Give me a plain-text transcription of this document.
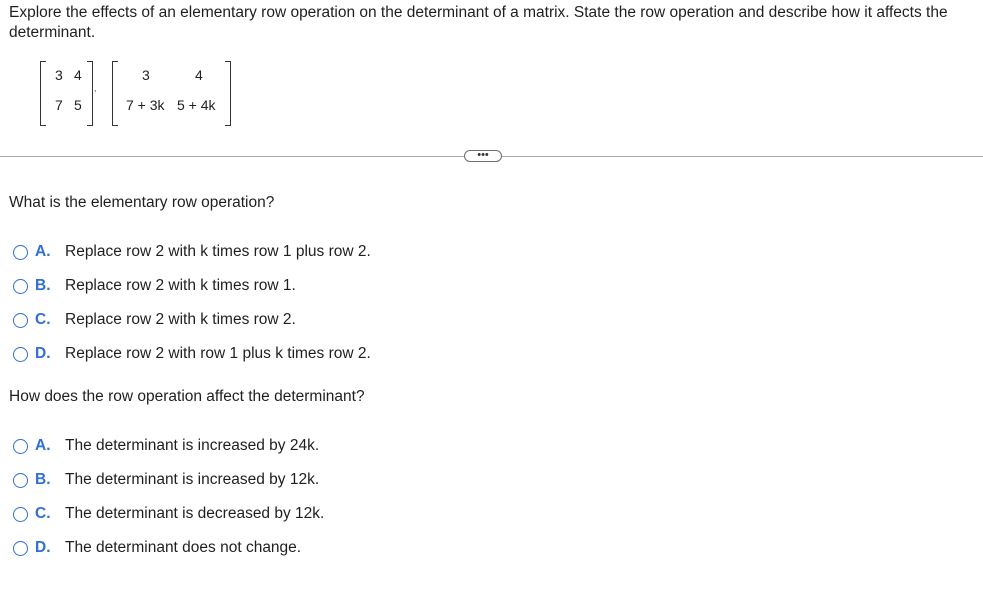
Explore the effects of an elementary row operation on the determinant of a matrix. State the row operation and describe how it affects the determinant.
3 4
7 5
,
3	4
7 + 3k 5 + 4k
•••
What is the elementary row operation?
A. Replace row 2 with k times row 1 plus row 2.
B. Replace row 2 with k times row 1.
C. Replace row 2 with k times row 2.
D. Replace row 2 with row 1 plus k times row 2.
How does the row operation affect the determinant?
A. The determinant is increased by 24k.
B. The determinant is increased by 12k.
C. The determinant is decreased by 12k.
D. The determinant does not change.
